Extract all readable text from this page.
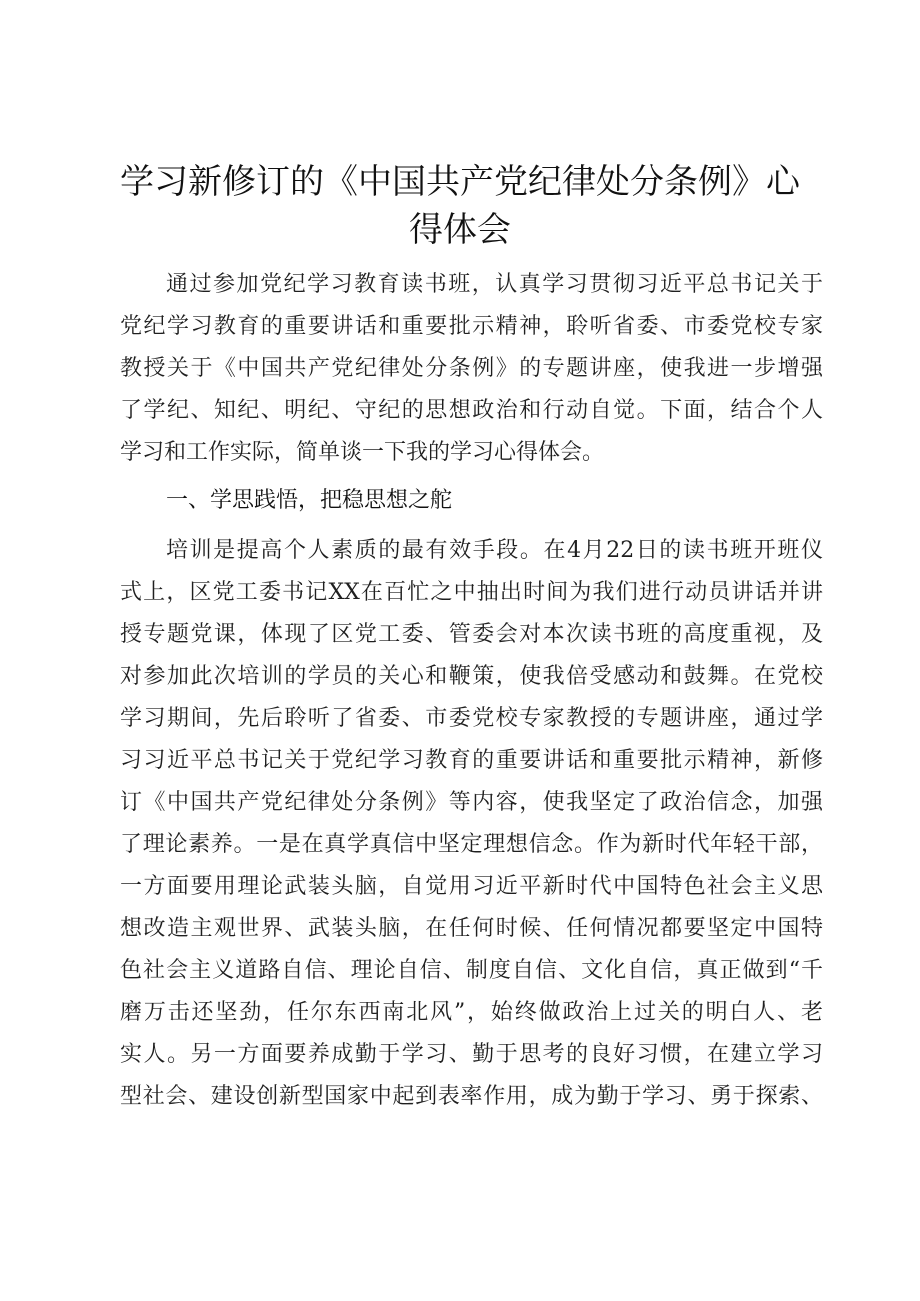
学习新修订的《中国共产党纪律处分条例》心
得体会

通过参加党纪学习教育读书班，认真学习贯彻习近平总书记关于

党纪学习教育的重要讲话和重要批示精神，聆听省委、市委党校专家

教授关于《中国共产党纪律处分条例》的专题讲座，使我进一步增强

了学纪、知纪、明纪、守纪的思想政治和行动自觉。下面，结合个人

学习和工作实际，简单谈一下我的学习心得体会。

一、学思践悟，把稳思想之舵

培训是提高个人素质的最有效手段。在4月22日的读书班开班仪

式上，区党工委书记XX在百忙之中抽出时间为我们进行动员讲话并讲

授专题党课，体现了区党工委、管委会对本次读书班的高度重视，及

对参加此次培训的学员的关心和鞭策，使我倍受感动和鼓舞。在党校

学习期间，先后聆听了省委、市委党校专家教授的专题讲座，通过学

习习近平总书记关于党纪学习教育的重要讲话和重要批示精神，新修

订《中国共产党纪律处分条例》等内容，使我坚定了政治信念，加强

了理论素养。一是在真学真信中坚定理想信念。作为新时代年轻干部，

一方面要用理论武装头脑，自觉用习近平新时代中国特色社会主义思

想改造主观世界、武装头脑，在任何时候、任何情况都要坚定中国特

色社会主义道路自信、理论自信、制度自信、文化自信，真正做到“千

磨万击还坚劲，任尔东西南北风”，始终做政治上过关的明白人、老

实人。另一方面要养成勤于学习、勤于思考的良好习惯，在建立学习

型社会、建设创新型国家中起到表率作用，成为勤于学习、勇于探索、
